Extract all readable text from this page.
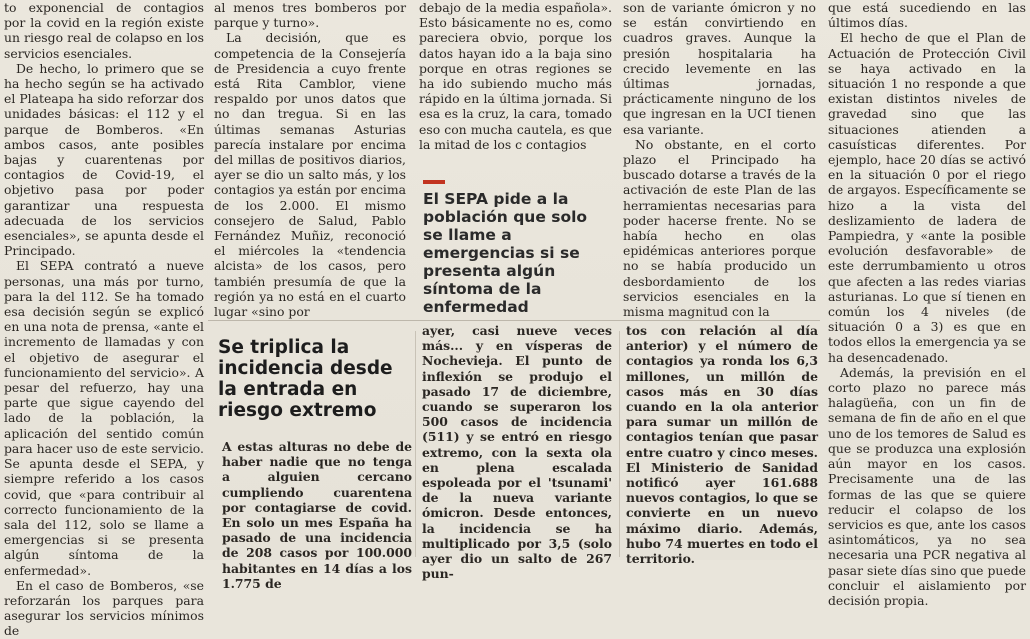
to exponencial de contagios por la covid en la región existe un riesgo real de colapso en los servicios esenciales.

De hecho, lo primero que se ha hecho según se ha activado el Plateapa ha sido reforzar dos unidades básicas: el 112 y el parque de Bomberos. «En ambos casos, ante posibles bajas y cuarentenas por contagios de Covid-19, el objetivo pasa por poder garantizar una respuesta adecuada de los servicios esenciales», se apunta desde el Principado.

El SEPA contrató a nueve personas, una más por turno, para la del 112. Se ha tomado esa decisión según se explicó en una nota de prensa, «ante el incremento de llamadas y con el objetivo de asegurar el funcionamiento del servicio». A pesar del refuerzo, hay una parte que sigue cayendo del lado de la población, la aplicación del sentido común para hacer uso de este servicio. Se apunta desde el SEPA, y siempre referido a los casos covid, que «para contribuir al correcto funcionamiento de la sala del 112, solo se llame a emergencias si se presenta algún síntoma de la enfermedad».

En el caso de Bomberos, «se reforzarán los parques para asegurar los servicios mínimos de

al menos tres bomberos por parque y turno».

La decisión, que es competencia de la Consejería de Presidencia a cuyo frente está Rita Camblor, viene respaldo por unos datos que no dan tregua. Si en las últimas semanas Asturias parecía instalare por encima del millas de positivos diarios, ayer se dio un salto más, y los contagios ya están por encima de los 2.000. El mismo consejero de Salud, Pablo Fernández Muñiz, reconoció el miércoles la «tendencia alcista» de los casos, pero también presumía de que la región ya no está en el cuarto lugar «sino por

debajo de la media española». Esto básicamente no es, como pareciera obvio, porque los datos hayan ido a la baja sino porque en otras regiones se ha ido subiendo mucho más rápido en la última jornada. Si esa es la cruz, la cara, tomado eso con mucha cautela, es que la mitad de los c contagios

El SEPA pide a la población que solo se llame a emergencias si se presenta algún síntoma de la enfermedad

son de variante ómicron y no se están convirtiendo en cuadros graves. Aunque la presión hospitalaria ha crecido levemente en las últimas jornadas, prácticamente ninguno de los que ingresan en la UCI tienen esa variante.

No obstante, en el corto plazo el Principado ha buscado dotarse a través de la activación de este Plan de las herramientas necesarias para poder hacerse frente. No se había hecho en olas epidémicas anteriores porque no se había producido un desbordamiento de los servicios esenciales en la misma magnitud con la

que está sucediendo en las últimos días.

El hecho de que el Plan de Actuación de Protección Civil se haya activado en la situación 1 no responde a que existan distintos niveles de gravedad sino que las situaciones atienden a casuísticas diferentes. Por ejemplo, hace 20 días se activó en la situación 0 por el riego de argayos. Específicamente se hizo a la vista del deslizamiento de ladera de Pampiedra, y «ante la posible evolución desfavorable» de este derrumbamiento u otros que afecten a las redes viarias asturianas. Lo que sí tienen en común los 4 niveles (de situación 0 a 3) es que en todos ellos la emergencia ya se ha desencadenado.

Además, la previsión en el corto plazo no parece más halagüeña, con un fin de semana de fin de año en el que uno de los temores de Salud es que se produzca una explosión aún mayor en los casos. Precisamente una de las formas de las que se quiere reducir el colapso de los servicios es que, ante los casos asintomáticos, ya no sea necesaria una PCR negativa al pasar siete días sino que puede concluir el aislamiento por decisión propia.

Se triplica la incidencia desde la entrada en riesgo extremo

A estas alturas no debe de haber nadie que no tenga a alguien cercano cumpliendo cuarentena por contagiarse de covid. En solo un mes España ha pasado de una incidencia de 208 casos por 100.000 habitantes en 14 días a los 1.775 de

ayer, casi nueve veces más... y en vísperas de Nochevieja. El punto de inflexión se produjo el pasado 17 de diciembre, cuando se superaron los 500 casos de incidencia (511) y se entró en riesgo extremo, con la sexta ola en plena escalada espoleada por el 'tsunami' de la nueva variante ómicron. Desde entonces, la incidencia se ha multiplicado por 3,5 (solo ayer dio un salto de 267 pun-

tos con relación al día anterior) y el número de contagios ya ronda los 6,3 millones, un millón de casos más en 30 días cuando en la ola anterior para sumar un millón de contagios tenían que pasar entre cuatro y cinco meses. El Ministerio de Sanidad notificó ayer 161.688 nuevos contagios, lo que se convierte en un nuevo máximo diario. Además, hubo 74 muertes en todo el territorio.
